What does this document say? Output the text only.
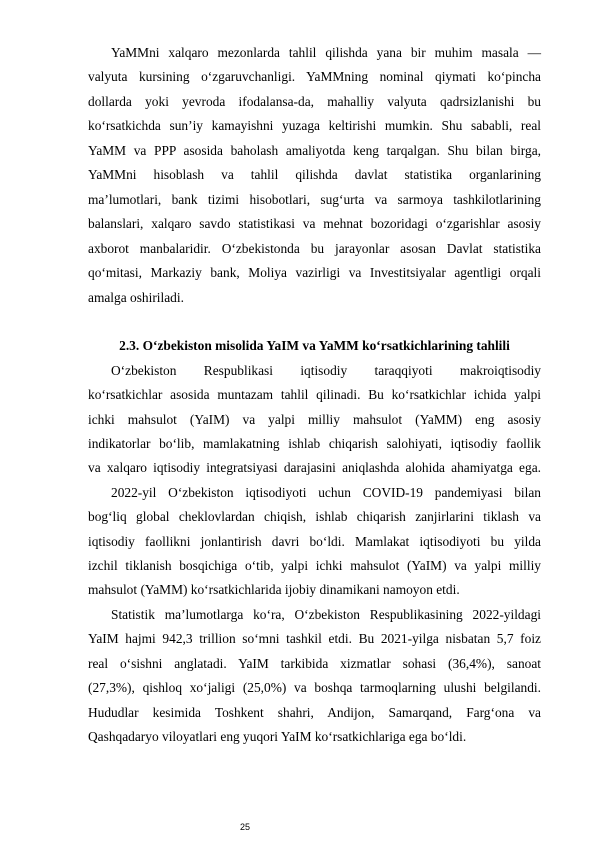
YaMMni xalqaro mezonlarda tahlil qilishda yana bir muhim masala —
valyuta kursining o‘zgaruvchanligi. YaMMning nominal qiymati ko‘pincha
dollarda yoki yevroda ifodalansa-da, mahalliy valyuta qadrsizlanishi bu
ko‘rsatkichda sun’iy kamayishni yuzaga keltirishi mumkin. Shu sababli, real
YaMM va PPP asosida baholash amaliyotda keng tarqalgan. Shu bilan birga,
YaMMni hisoblash va tahlil qilishda davlat statistika organlarining
ma’lumotlari, bank tizimi hisobotlari, sug‘urta va sarmoya tashkilotlarining
balanslari, xalqaro savdo statistikasi va mehnat bozoridagi o‘zgarishlar asosiy
axborot manbalaridir. O‘zbekistonda bu jarayonlar asosan Davlat statistika
qo‘mitasi, Markaziy bank, Moliya vazirligi va Investitsiyalar agentligi orqali
amalga oshiriladi.
2.3. O‘zbekiston misolida YaIM va YaMM ko‘rsatkichlarining tahlili
O‘zbekiston Respublikasi iqtisodiy taraqqiyoti makroiqtisodiy
ko‘rsatkichlar asosida muntazam tahlil qilinadi. Bu ko‘rsatkichlar ichida yalpi
ichki mahsulot (YaIM) va yalpi milliy mahsulot (YaMM) eng asosiy
indikatorlar bo‘lib, mamlakatning ishlab chiqarish salohiyati, iqtisodiy faollik
va xalqaro iqtisodiy integratsiyasi darajasini aniqlashda alohida ahamiyatga ega.
2022-yil O‘zbekiston iqtisodiyoti uchun COVID-19 pandemiyasi bilan
bog‘liq global cheklovlardan chiqish, ishlab chiqarish zanjirlarini tiklash va
iqtisodiy faollikni jonlantirish davri bo‘ldi. Mamlakat iqtisodiyoti bu yilda
izchil tiklanish bosqichiga o‘tib, yalpi ichki mahsulot (YaIM) va yalpi milliy
mahsulot (YaMM) ko‘rsatkichlarida ijobiy dinamikani namoyon etdi.
Statistik ma’lumotlarga ko‘ra, O‘zbekiston Respublikasining 2022-yildagi
YaIM hajmi 942,3 trillion so‘mni tashkil etdi. Bu 2021-yilga nisbatan 5,7 foiz
real o‘sishni anglatadi. YaIM tarkibida xizmatlar sohasi (36,4%), sanoat
(27,3%), qishloq xo‘jaligi (25,0%) va boshqa tarmoqlarning ulushi belgilandi.
Hududlar kesimida Toshkent shahri, Andijon, Samarqand, Farg‘ona va
Qashqadaryo viloyatlari eng yuqori YaIM ko‘rsatkichlariga ega bo‘ldi.
25
